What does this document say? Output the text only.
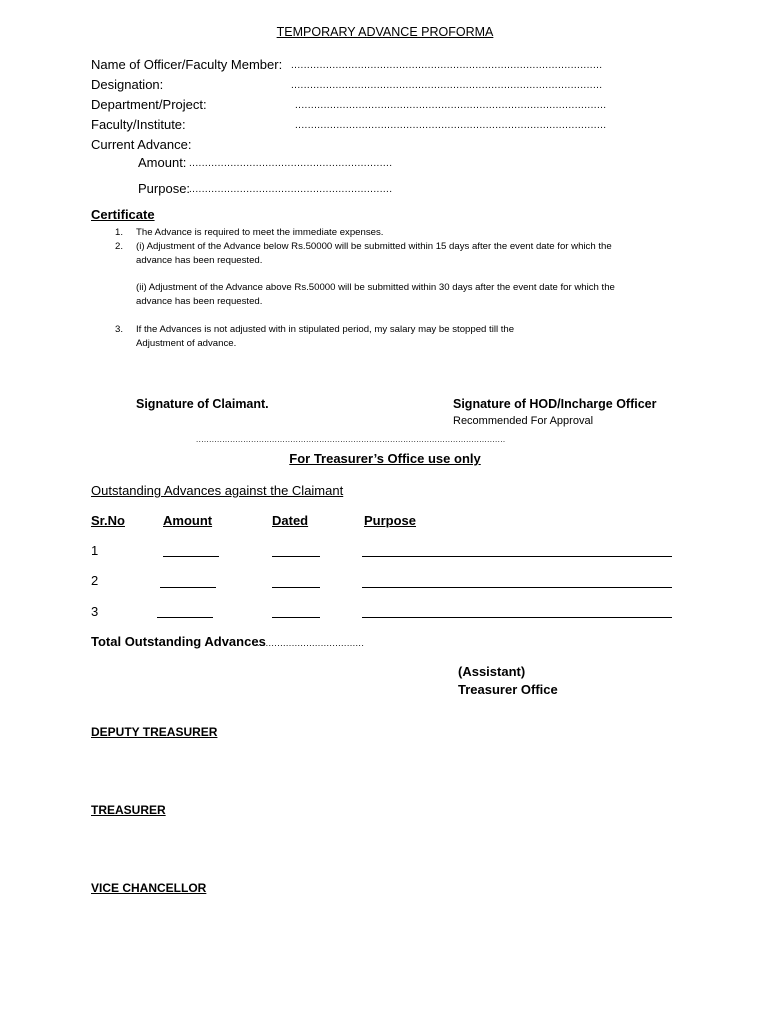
TEMPORARY ADVANCE PROFORMA
Name of Officer/Faculty Member: ..................................................................................................
Designation:	..................................................................................................
Department/Project:	..................................................................................................
Faculty/Institute:	..................................................................................................
Current Advance:
Amount: ................................................................
Purpose:
................................................................
Certificate
1. The Advance is required to meet the immediate expenses.
2. (i) Adjustment of the Advance below Rs.50000 will be submitted within 15 days after the event date for which the
advance has been requested.
(ii) Adjustment of the Advance above Rs.50000 will be submitted within 30 days after the event date for which the
advance has been requested.
3. If the Advances is not adjusted with in stipulated period, my salary may be stopped till the
Adjustment of advance.
Signature of Claimant.	Signature of HOD/Incharge Officer
Recommended For Approval
......................................................................................................................
For Treasurer’s Office use only
Outstanding Advances against the Claimant
Sr.No	Amount	Dated	Purpose
1
2
3
Total Outstanding Advances
......................................
(Assistant)
Treasurer Office
DEPUTY TREASURER
TREASURER
VICE CHANCELLOR
